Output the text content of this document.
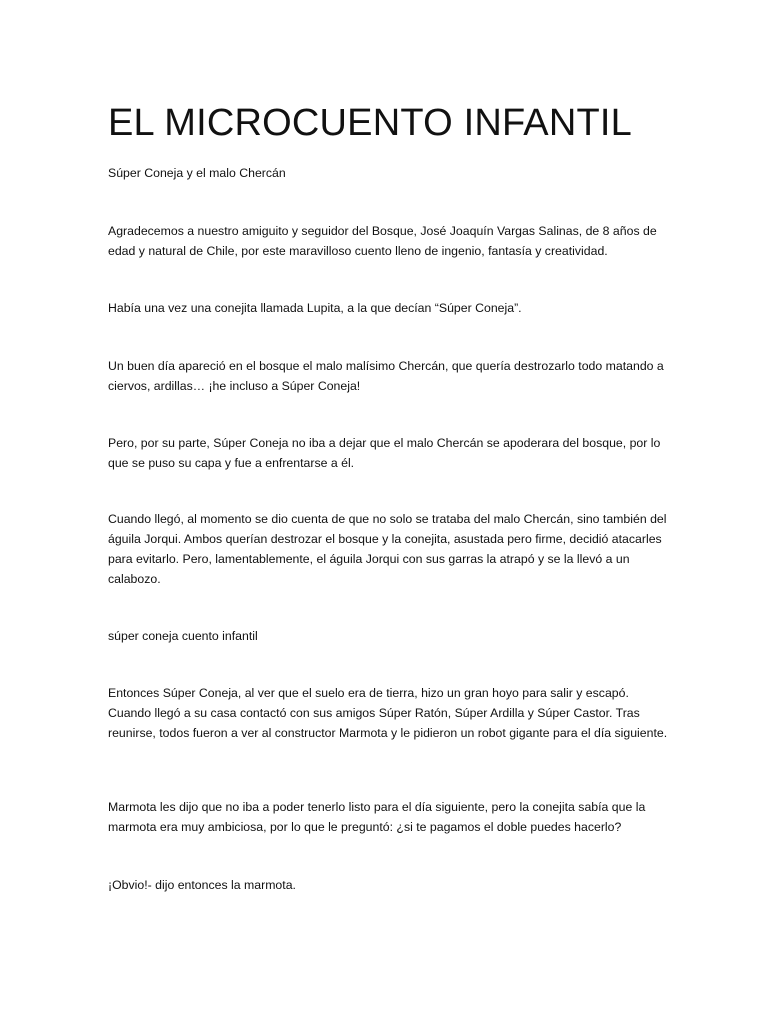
EL MICROCUENTO INFANTIL

Súper Coneja y el malo Chercán

Agradecemos a nuestro amiguito y seguidor del Bosque, José Joaquín Vargas Salinas, de 8 años de edad y natural de Chile, por este maravilloso cuento lleno de ingenio, fantasía y creatividad.

Había una vez una conejita llamada Lupita, a la que decían “Súper Coneja”.

Un buen día apareció en el bosque el malo malísimo Chercán, que quería destrozarlo todo matando a ciervos, ardillas… ¡he incluso a Súper Coneja!

Pero, por su parte, Súper Coneja no iba a dejar que el malo Chercán se apoderara del bosque, por lo que se puso su capa y fue a enfrentarse a él.

Cuando llegó, al momento se dio cuenta de que no solo se trataba del malo Chercán, sino también del águila Jorqui. Ambos querían destrozar el bosque y la conejita, asustada pero firme, decidió atacarles para evitarlo. Pero, lamentablemente, el águila Jorqui con sus garras la atrapó y se la llevó a un calabozo.

súper coneja cuento infantil

Entonces Súper Coneja, al ver que el suelo era de tierra, hizo un gran hoyo para salir y escapó. Cuando llegó a su casa contactó con sus amigos Súper Ratón, Súper Ardilla y Súper Castor. Tras reunirse, todos fueron a ver al constructor Marmota y le pidieron un robot gigante para el día siguiente.

Marmota les dijo que no iba a poder tenerlo listo para el día siguiente, pero la conejita sabía que la marmota era muy ambiciosa, por lo que le preguntó: ¿si te pagamos el doble puedes hacerlo?

¡Obvio!- dijo entonces la marmota.
